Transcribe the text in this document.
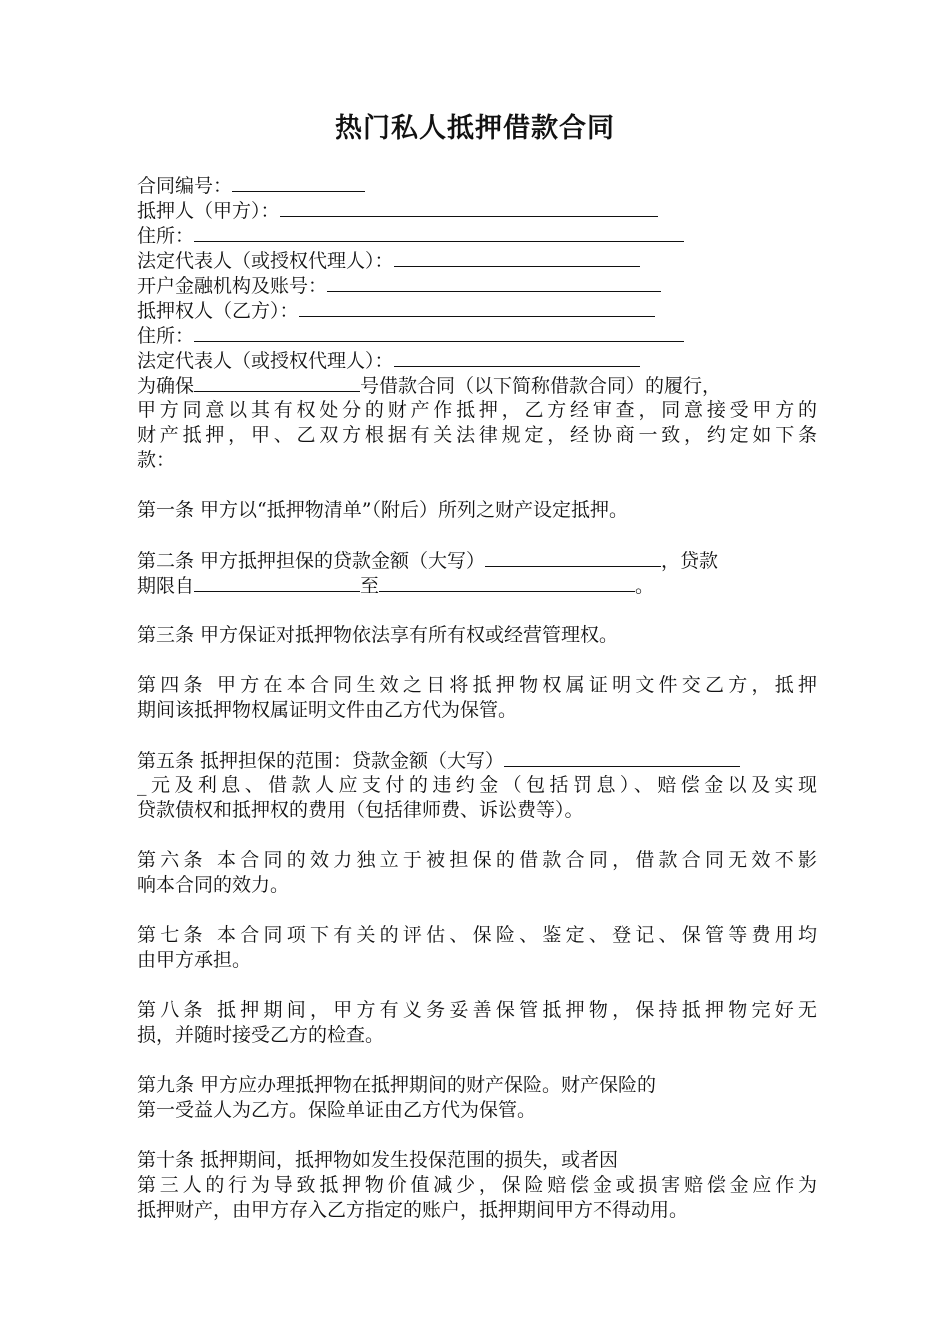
热门私人抵押借款合同
合同编号：
抵押人（甲方）：
住所：
法定代表人（或授权代理人）：
开户金融机构及账号：
抵押权人（乙方）：
住所：
法定代表人（或授权代理人）：
为确保	号借款合同（以下简称借款合同）的履行，
甲方同意以其有权处分的财产作抵押，乙方经审查，同意接受甲方的
财产抵押，甲、乙双方根据有关法律规定，经协商一致，约定如下条
款：
第一条 甲方以“抵押物清单”（附后）所列之财产设定抵押。
第二条 甲方抵押担保的贷款金额（大写）	，贷款
期限自	至	。
第三条 甲方保证对抵押物依法享有所有权或经营管理权。
第四条 甲方在本合同生效之日将抵押物权属证明文件交乙方，抵押
期间该抵押物权属证明文件由乙方代为保管。
第五条 抵押担保的范围：贷款金额（大写）
_元及利息、借款人应支付的违约金（包括罚息）、赔偿金以及实现
贷款债权和抵押权的费用（包括律师费、诉讼费等）。
第六条 本合同的效力独立于被担保的借款合同，借款合同无效不影
响本合同的效力。
第七条 本合同项下有关的评估、保险、鉴定、登记、保管等费用均
由甲方承担。
第八条 抵押期间，甲方有义务妥善保管抵押物，保持抵押物完好无
损，并随时接受乙方的检查。
第九条 甲方应办理抵押物在抵押期间的财产保险。财产保险的
第一受益人为乙方。保险单证由乙方代为保管。
第十条 抵押期间，抵押物如发生投保范围的损失，或者因
第三人的行为导致抵押物价值减少，保险赔偿金或损害赔偿金应作为
抵押财产，由甲方存入乙方指定的账户，抵押期间甲方不得动用。
